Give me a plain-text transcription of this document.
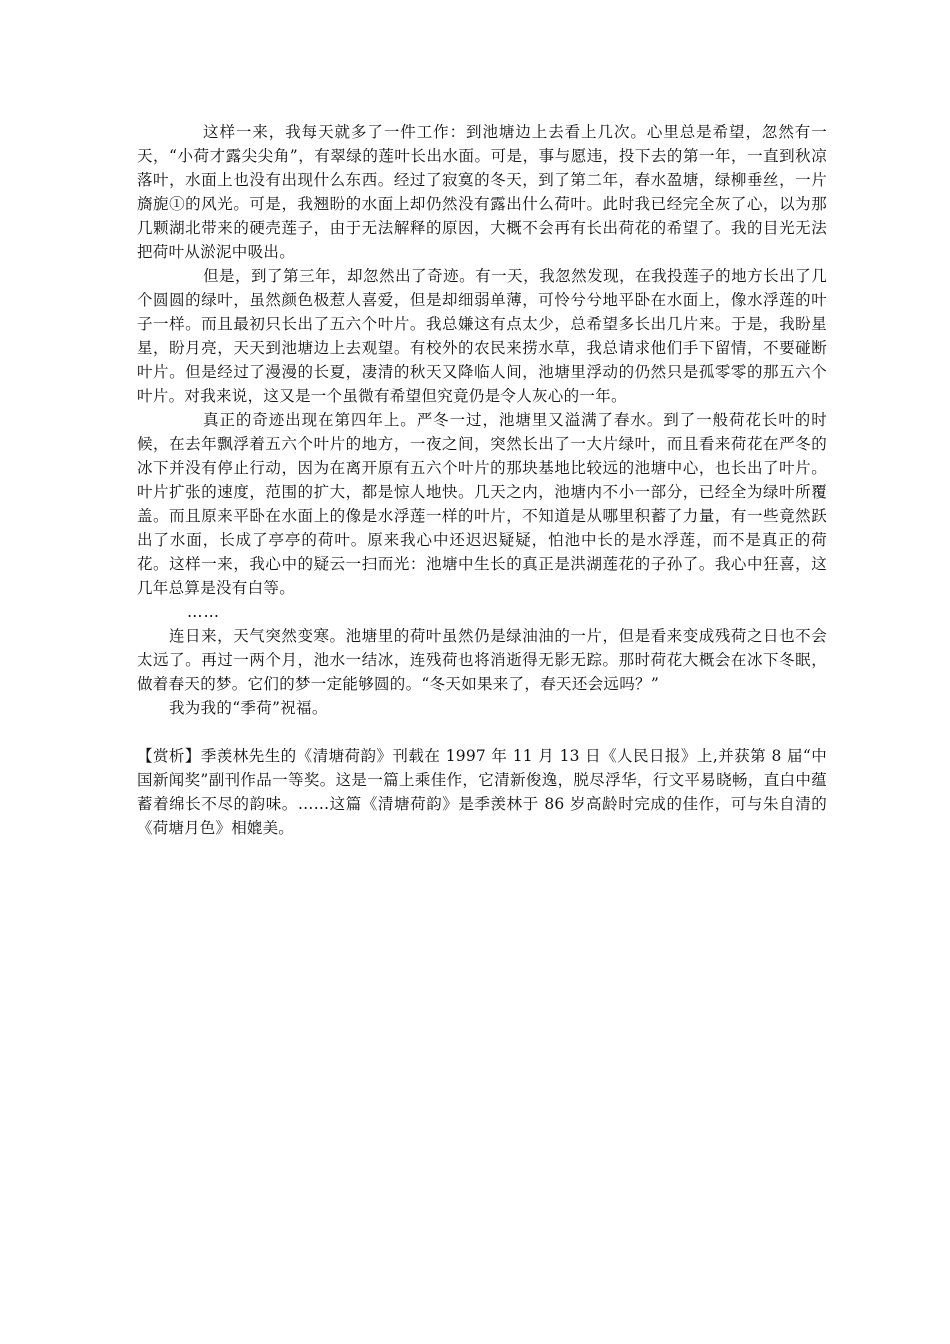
这样一来，我每天就多了一件工作：到池塘边上去看上几次。心里总是希望，忽然有一天，“小荷才露尖尖角”，有翠绿的莲叶长出水面。可是，事与愿违，投下去的第一年，一直到秋凉落叶，水面上也没有出现什么东西。经过了寂寞的冬天，到了第二年，春水盈塘，绿柳垂丝，一片旖旎①的风光。可是，我翘盼的水面上却仍然没有露出什么荷叶。此时我已经完全灰了心，以为那几颗湖北带来的硬壳莲子，由于无法解释的原因，大概不会再有长出荷花的希望了。我的目光无法把荷叶从淤泥中吸出。

但是，到了第三年，却忽然出了奇迹。有一天，我忽然发现，在我投莲子的地方长出了几个圆圆的绿叶，虽然颜色极惹人喜爱，但是却细弱单薄，可怜兮兮地平卧在水面上，像水浮莲的叶子一样。而且最初只长出了五六个叶片。我总嫌这有点太少，总希望多长出几片来。于是，我盼星星，盼月亮，天天到池塘边上去观望。有校外的农民来捞水草，我总请求他们手下留情，不要碰断叶片。但是经过了漫漫的长夏，凄清的秋天又降临人间，池塘里浮动的仍然只是孤零零的那五六个叶片。对我来说，这又是一个虽微有希望但究竟仍是令人灰心的一年。

真正的奇迹出现在第四年上。严冬一过，池塘里又溢满了春水。到了一般荷花长叶的时候，在去年飘浮着五六个叶片的地方，一夜之间，突然长出了一大片绿叶，而且看来荷花在严冬的冰下并没有停止行动，因为在离开原有五六个叶片的那块基地比较远的池塘中心，也长出了叶片。叶片扩张的速度，范围的扩大，都是惊人地快。几天之内，池塘内不小一部分，已经全为绿叶所覆盖。而且原来平卧在水面上的像是水浮莲一样的叶片，不知道是从哪里积蓄了力量，有一些竟然跃出了水面，长成了亭亭的荷叶。原来我心中还迟迟疑疑，怕池中长的是水浮莲，而不是真正的荷花。这样一来，我心中的疑云一扫而光：池塘中生长的真正是洪湖莲花的子孙了。我心中狂喜，这几年总算是没有白等。

……

连日来，天气突然变寒。池塘里的荷叶虽然仍是绿油油的一片，但是看来变成残荷之日也不会太远了。再过一两个月，池水一结冰，连残荷也将消逝得无影无踪。那时荷花大概会在冰下冬眠，做着春天的梦。它们的梦一定能够圆的。“冬天如果来了，春天还会远吗？”

我为我的“季荷”祝福。

【赏析】季羡林先生的《清塘荷韵》刊载在 1997 年 11 月 13 日《人民日报》上,并获第 8 届“中国新闻奖”副刊作品一等奖。这是一篇上乘佳作，它清新俊逸，脱尽浮华，行文平易晓畅，直白中蕴蓄着绵长不尽的韵味。……这篇《清塘荷韵》是季羡林于 86 岁高龄时完成的佳作，可与朱自清的《荷塘月色》相媲美。
